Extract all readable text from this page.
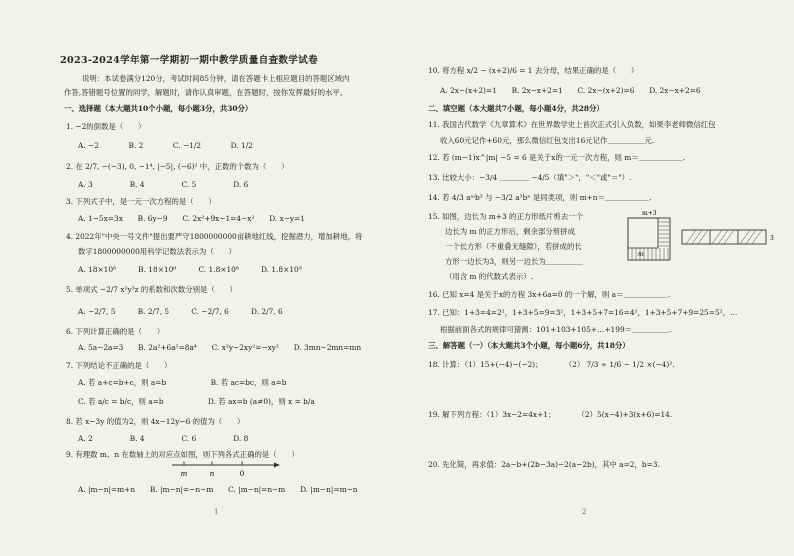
2023-2024学年第一学期初一期中教学质量自查数学试卷
说明：本试卷满分120分，考试时间85分钟，请在答题卡上相应题目的答题区域内
作答,答错题号位置的同学，解题时，请你认真审题，在答题时，按你发挥最好的水平。
一、选择题（本大题共10个小题，每小题3分，共30分）
1. −2的倒数是（　　）
A. −2　　　　B. 2　　　　C. −1/2　　　　D. 1/2
2. 在 2/7, −(−3), 0, −1⁴, |−5|, (−6)² 中，正数的个数为（　　）
A. 3　　　　　B. 4　　　　　C. 5　　　　　D. 6
3. 下列式子中，是一元一次方程的是（　　）
A. 1−5x=3x　　B. 6y−9　　C. 2x²+9x−1=4−x²　　D. x−y=1
4. 2022年"中央一号文件"提出要严守1800000000亩耕地红线，挖掘潜力，增加耕地，将
数字1800000000用科学记数法表示为（　　）
A. 18×10⁸　　　B. 18×10⁸　　　C. 1.8×10⁸　　　D. 1.8×10⁹
5. 单项式 −2/7 x²y³z 的系数和次数分别是（　　）
A. −2/7, 5　　　B. 2/7, 5　　　C. −2/7, 6　　　D. 2/7, 6
6. 下列计算正确的是（　　）
A. 5a−2a=3　　B. 2a²+6a²=8a⁴　　C. x²y−2xy²=−xy²　　D. 3mn−2mn=mn
7. 下列结论不正确的是（　　）
A. 若 a+c=b+c，则 a=b　　　　　　B. 若 ac=bc，则 a=b
C. 若 a/c = b/c，则 a=b　　　　　　D. 若 ax=b (a≠0)，则 x = b/a
8. 若 x−3y 的值为2，则 4x−12y−6 的值为（　　）
A. 2　　　　　B. 4　　　　　C. 6　　　　　D. 8
9. 有理数 m、n 在数轴上的对应点如图，则下列各式正确的是（　　）
m	n	0
A. |m−n|=m+n　　B. |m−n|=−n−m　　C. |m−n|=n−m　　D. |m−n|=m−n
1
10. 将方程 x/2 − (x+2)/6 = 1 去分母，结果正确的是（　　）
A. 2x−(x+2)=1　　B. 2x−x+2=1　　C. 2x−(x+2)=6　　D. 2x−x+2=6
二、填空题（本大题共7小题，每小题4分，共28分）
11. 我国古代数学《九章算术》在世界数学史上首次正式引入负数，如果李老师微信红包
收入60元记作+60元，那么微信红包支出16元记作＿＿＿＿＿元.
12. 若 (m−1)x^|m| −5 = 6 是关于x的一元一次方程，则 m＝＿＿＿＿＿＿.
13. 比较大小：−3/4 ＿＿＿＿ −4/5（填"＞"，"＜"或"＝"）.
14. 若 4/3 aᵐb³ 与 −3/2 a³bⁿ 是同类项，则 m+n＝＿＿＿＿＿＿.
15. 如图，边长为 m+3 的正方形纸片剪去一个
边长为 m 的正方形后，剩余部分剪拼成
一个长方形（不重叠无缝隙），若拼成的长
方形一边长为3，则另一边长为＿＿＿＿＿
（用含 m 的代数式表示）.
m+3
m
3
16. 已知 x=4 是关于x的方程 3x+6a=0 的一个解，则 a＝＿＿＿＿＿＿.
17. 已知：1+3=4=2²，1+3+5=9=3²，1+3+5+7=16=4²，1+3+5+7+9=25=5²，…
根据前面各式的规律可猜测：101+103+105+…+199＝＿＿＿＿＿.
三、解答题（一）（本大题共3个小题，每小题6分，共18分）
18. 计算：（1）15+(−4)−(−2)；　　　　（2） 7/3 ÷ 1/6 − 1/2 ×(−4)².
19. 解下列方程：（1）3x−2=4x+1；　　　　（2）5(x−4)+3(x+6)=14.
20. 先化简，再求值：2a−b+(2b−3a)−2(a−2b)，其中 a=2，b=3.
2
